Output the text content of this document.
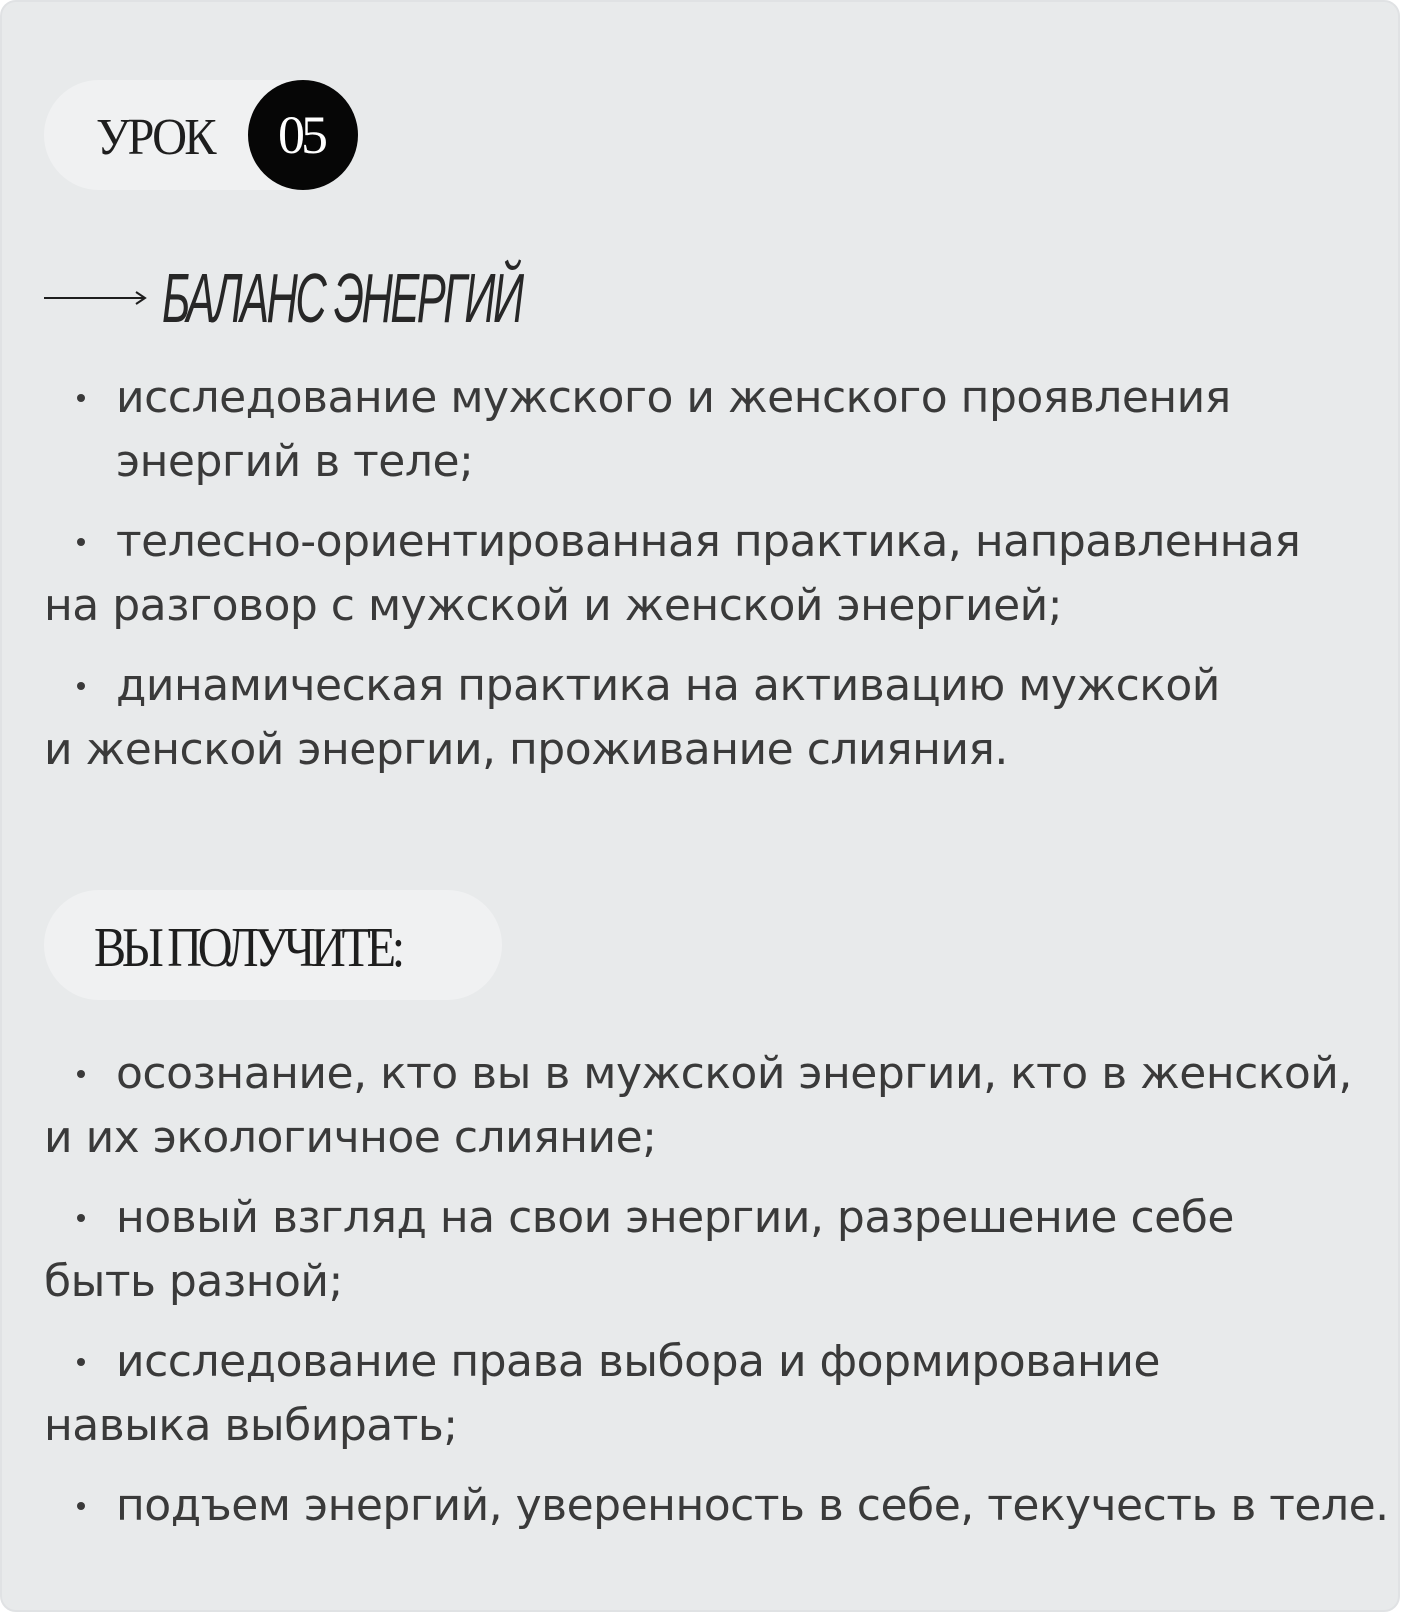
УРОК	05
БАЛАНС ЭНЕРГИЙ
исследование мужского и женского проявления
энергий в теле;
телесно-ориентированная практика, направленная
на разговор с мужской и женской энергией;
динамическая практика на активацию мужской
и женской энергии, проживание слияния.
ВЫ ПОЛУЧИТЕ:
осознание, кто вы в мужской энергии, кто в женской,
и их экологичное слияние;
новый взгляд на свои энергии, разрешение себе
быть разной;
исследование права выбора и формирование
навыка выбирать;
подъем энергий, уверенность в себе, текучесть в теле.
